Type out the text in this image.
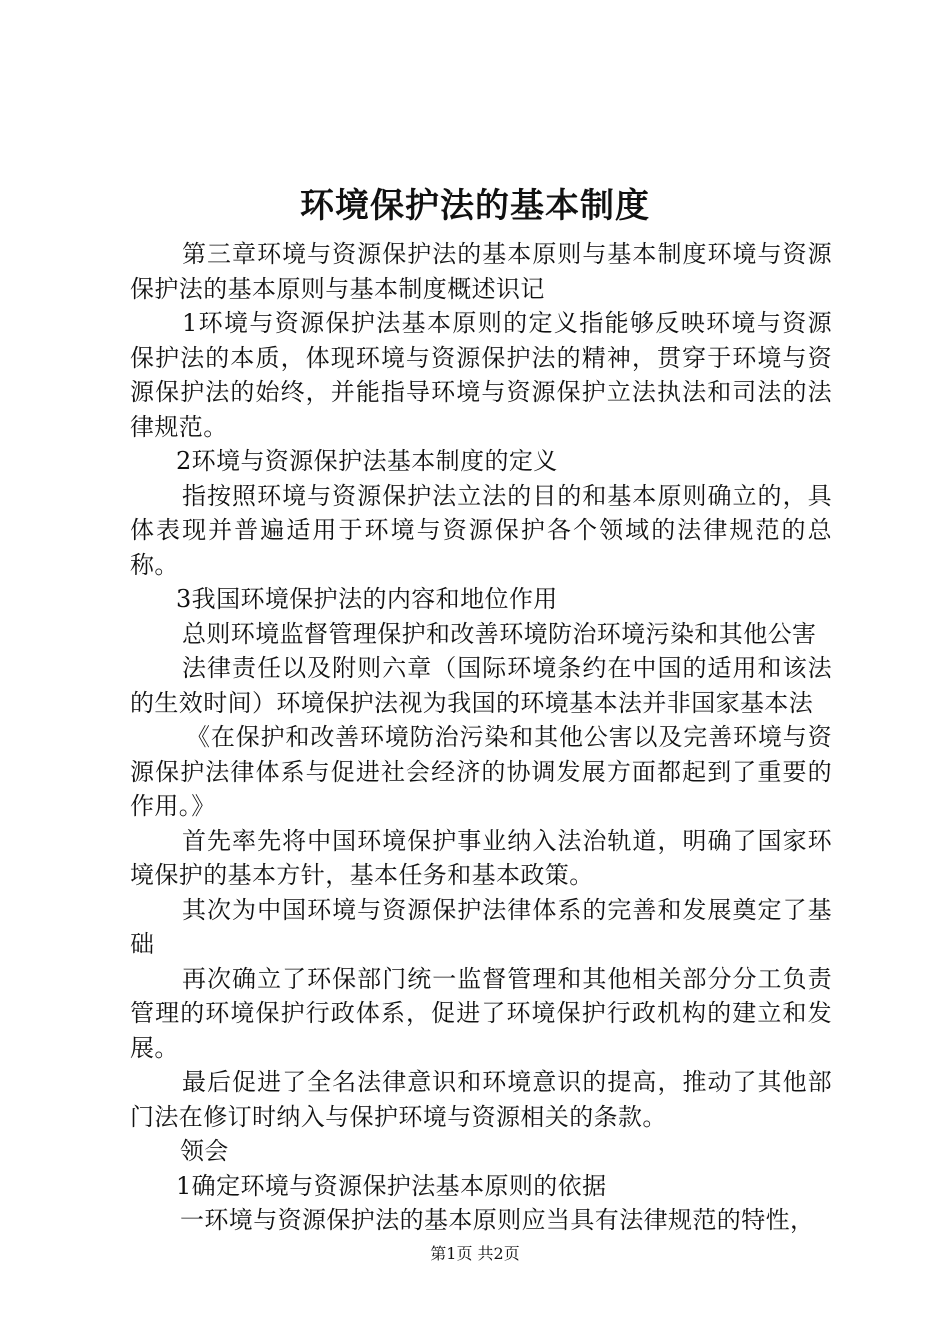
环境保护法的基本制度

第三章环境与资源保护法的基本原则与基本制度环境与资源保护法的基本原则与基本制度概述识记

1环境与资源保护法基本原则的定义指能够反映环境与资源保护法的本质，体现环境与资源保护法的精神，贯穿于环境与资源保护法的始终，并能指导环境与资源保护立法执法和司法的法律规范。

2环境与资源保护法基本制度的定义

指按照环境与资源保护法立法的目的和基本原则确立的，具体表现并普遍适用于环境与资源保护各个领域的法律规范的总称。

3我国环境保护法的内容和地位作用

总则环境监督管理保护和改善环境防治环境污染和其他公害

法律责任以及附则六章（国际环境条约在中国的适用和该法的生效时间）环境保护法视为我国的环境基本法并非国家基本法

《在保护和改善环境防治污染和其他公害以及完善环境与资源保护法律体系与促进社会经济的协调发展方面都起到了重要的作用。》

首先率先将中国环境保护事业纳入法治轨道，明确了国家环境保护的基本方针，基本任务和基本政策。

其次为中国环境与资源保护法律体系的完善和发展奠定了基础

再次确立了环保部门统一监督管理和其他相关部分分工负责管理的环境保护行政体系，促进了环境保护行政机构的建立和发展。

最后促进了全名法律意识和环境意识的提高，推动了其他部门法在修订时纳入与保护环境与资源相关的条款。

领会

1确定环境与资源保护法基本原则的依据

一环境与资源保护法的基本原则应当具有法律规范的特性，

第1页 共2页
